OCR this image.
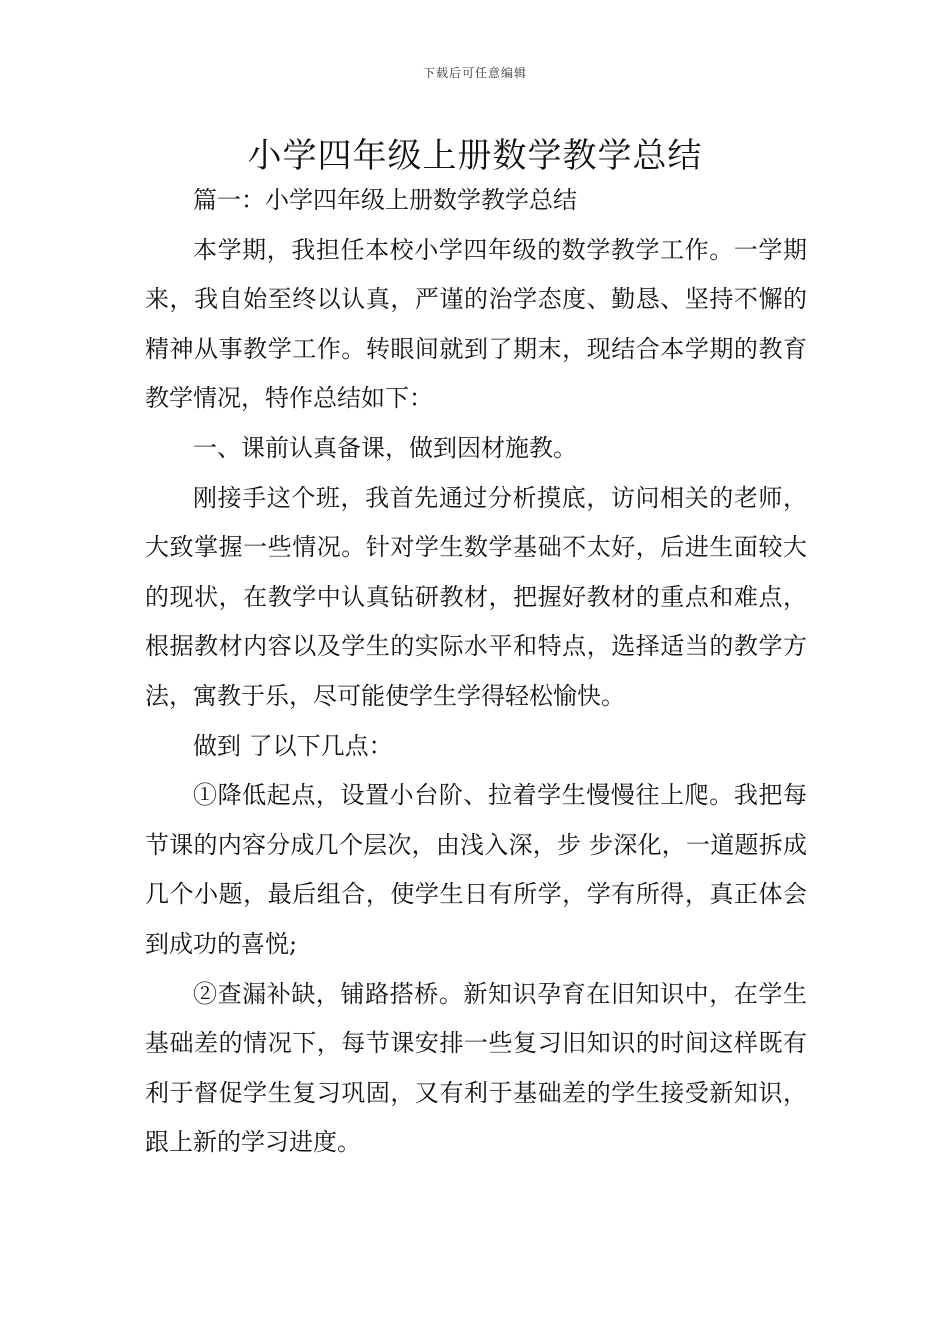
下载后可任意编辑
小学四年级上册数学教学总结

篇一：小学四年级上册数学教学总结

本学期，我担任本校小学四年级的数学教学工作。一学期来，我自始至终以认真，严谨的治学态度、勤恳、坚持不懈的精神从事教学工作。转眼间就到了期末，现结合本学期的教育教学情况，特作总结如下：

一、课前认真备课，做到因材施教。

刚接手这个班，我首先通过分析摸底，访问相关的老师，大致掌握一些情况。针对学生数学基础不太好，后进生面较大的现状，在教学中认真钻研教材，把握好教材的重点和难点，根据教材内容以及学生的实际水平和特点，选择适当的教学方法，寓教于乐，尽可能使学生学得轻松愉快。

做到 了以下几点：

①降低起点，设置小台阶、拉着学生慢慢往上爬。我把每节课的内容分成几个层次，由浅入深，步 步深化，一道题拆成几个小题，最后组合，使学生日有所学，学有所得，真正体会到成功的喜悦;

②查漏补缺，铺路搭桥。新知识孕育在旧知识中，在学生基础差的情况下，每节课安排一些复习旧知识的时间这样既有利于督促学生复习巩固，又有利于基础差的学生接受新知识，跟上新的学习进度。
